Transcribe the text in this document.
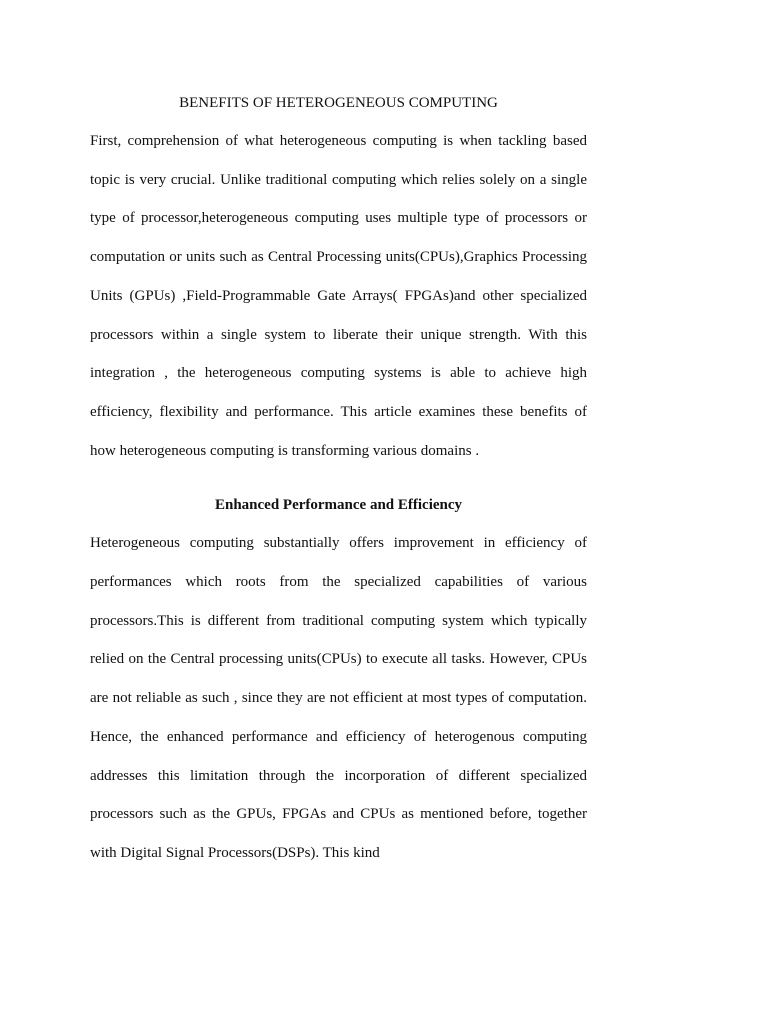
BENEFITS OF HETEROGENEOUS COMPUTING

First, comprehension of what heterogeneous computing is when tackling based topic is very crucial. Unlike traditional computing which relies solely on a single type of processor,heterogeneous computing uses multiple type of processors or computation or units such as Central Processing units(CPUs),Graphics Processing Units (GPUs) ,Field-Programmable Gate Arrays( FPGAs)and other specialized processors within a single system to liberate their unique strength. With this integration , the heterogeneous computing systems is able to achieve high efficiency, flexibility and performance. This article examines these benefits of how heterogeneous computing is transforming various domains .

Enhanced Performance and Efficiency

Heterogeneous computing substantially offers improvement in efficiency of performances which roots from the specialized capabilities of various processors.This is different from traditional computing system which typically relied on the Central processing units(CPUs) to execute all tasks. However, CPUs are not reliable as such , since they are not efficient at most types of computation. Hence, the enhanced performance and efficiency of heterogenous computing addresses this limitation through the incorporation of different specialized processors such as the GPUs, FPGAs and CPUs as mentioned before, together with Digital Signal Processors(DSPs). This kind
